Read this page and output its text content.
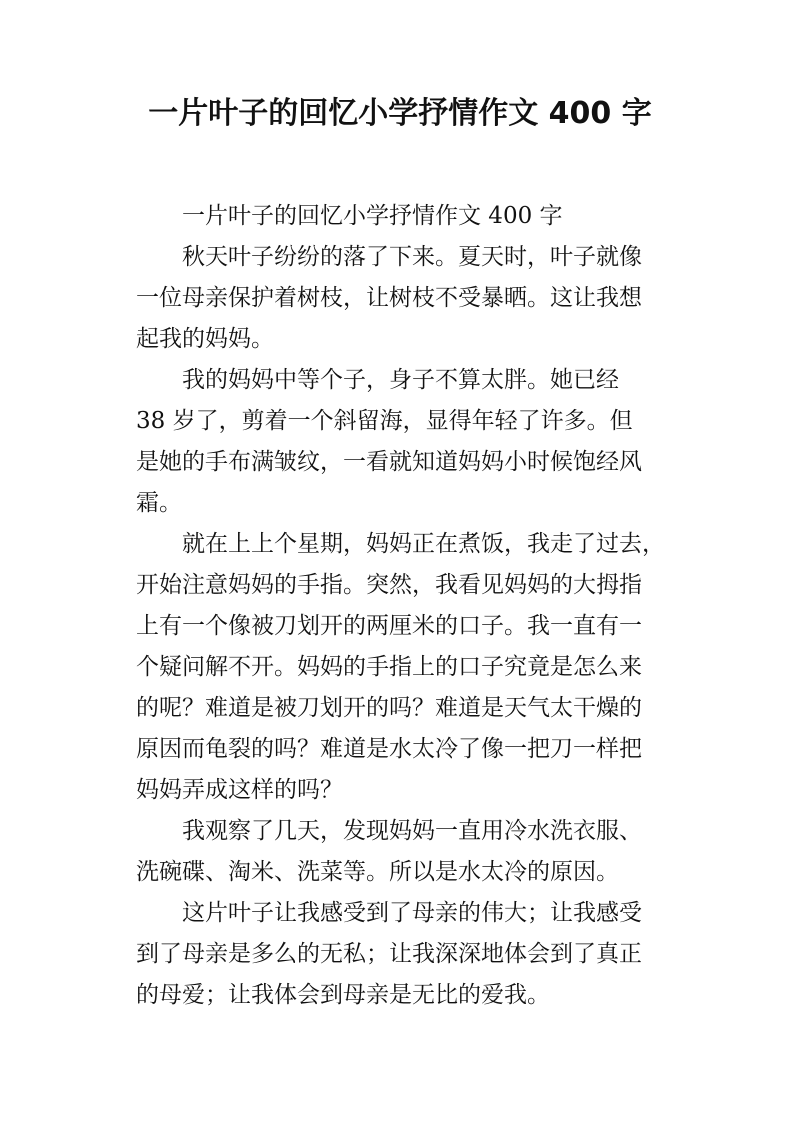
一片叶子的回忆小学抒情作文 400 字
一片叶子的回忆小学抒情作文 400 字
秋天叶子纷纷的落了下来。夏天时，叶子就像
一位母亲保护着树枝，让树枝不受暴晒。这让我想
起我的妈妈。
我的妈妈中等个子，身子不算太胖。她已经
38 岁了，剪着一个斜留海，显得年轻了许多。但
是她的手布满皱纹，一看就知道妈妈小时候饱经风
霜。
就在上上个星期，妈妈正在煮饭，我走了过去，
开始注意妈妈的手指。突然，我看见妈妈的大拇指
上有一个像被刀划开的两厘米的口子。我一直有一
个疑问解不开。妈妈的手指上的口子究竟是怎么来
的呢？难道是被刀划开的吗？难道是天气太干燥的
原因而龟裂的吗？难道是水太冷了像一把刀一样把
妈妈弄成这样的吗？
我观察了几天，发现妈妈一直用冷水洗衣服、
洗碗碟、淘米、洗菜等。所以是水太冷的原因。
这片叶子让我感受到了母亲的伟大；让我感受
到了母亲是多么的无私；让我深深地体会到了真正
的母爱；让我体会到母亲是无比的爱我。
